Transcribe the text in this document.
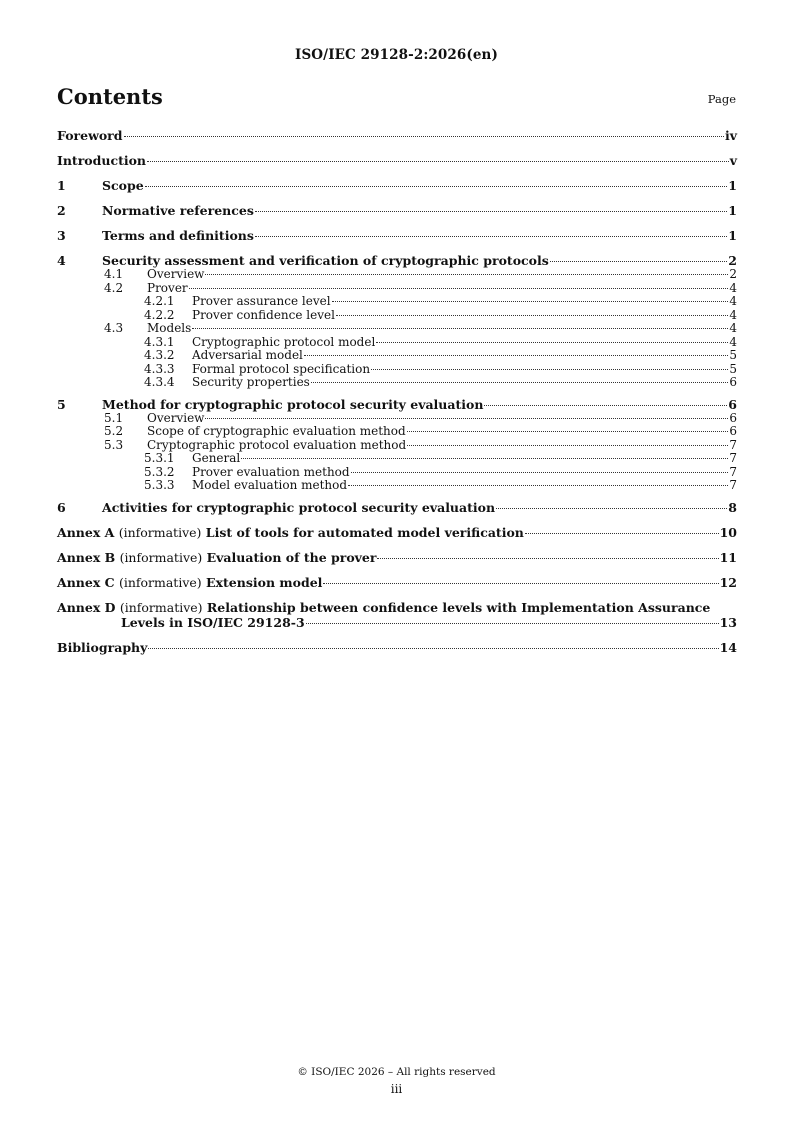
ISO/IEC 29128-2:2026(en)
Contents	Page
Foreword	iv
Introduction	v
1	Scope	1
2	Normative references	1
3	Terms and definitions	1
4	Security assessment and verification of cryptographic protocols	2
4.1	Overview	2
4.2	Prover	4
4.2.1	Prover assurance level	4
4.2.2	Prover confidence level	4
4.3	Models	4
4.3.1	Cryptographic protocol model	4
4.3.2	Adversarial model	5
4.3.3	Formal protocol specification	5
4.3.4	Security properties	6
5	Method for cryptographic protocol security evaluation	6
5.1	Overview	6
5.2	Scope of cryptographic evaluation method	6
5.3	Cryptographic protocol evaluation method	7
5.3.1	General	7
5.3.2	Prover evaluation method	7
5.3.3	Model evaluation method	7
6	Activities for cryptographic protocol security evaluation	8
Annex A (informative) List of tools for automated model verification	10
Annex B (informative) Evaluation of the prover	11
Annex C (informative) Extension model	12
Annex D (informative) Relationship between confidence levels with Implementation Assurance
Levels in ISO/IEC 29128-3	13
Bibliography	14
© ISO/IEC 2026 – All rights reserved
iii
